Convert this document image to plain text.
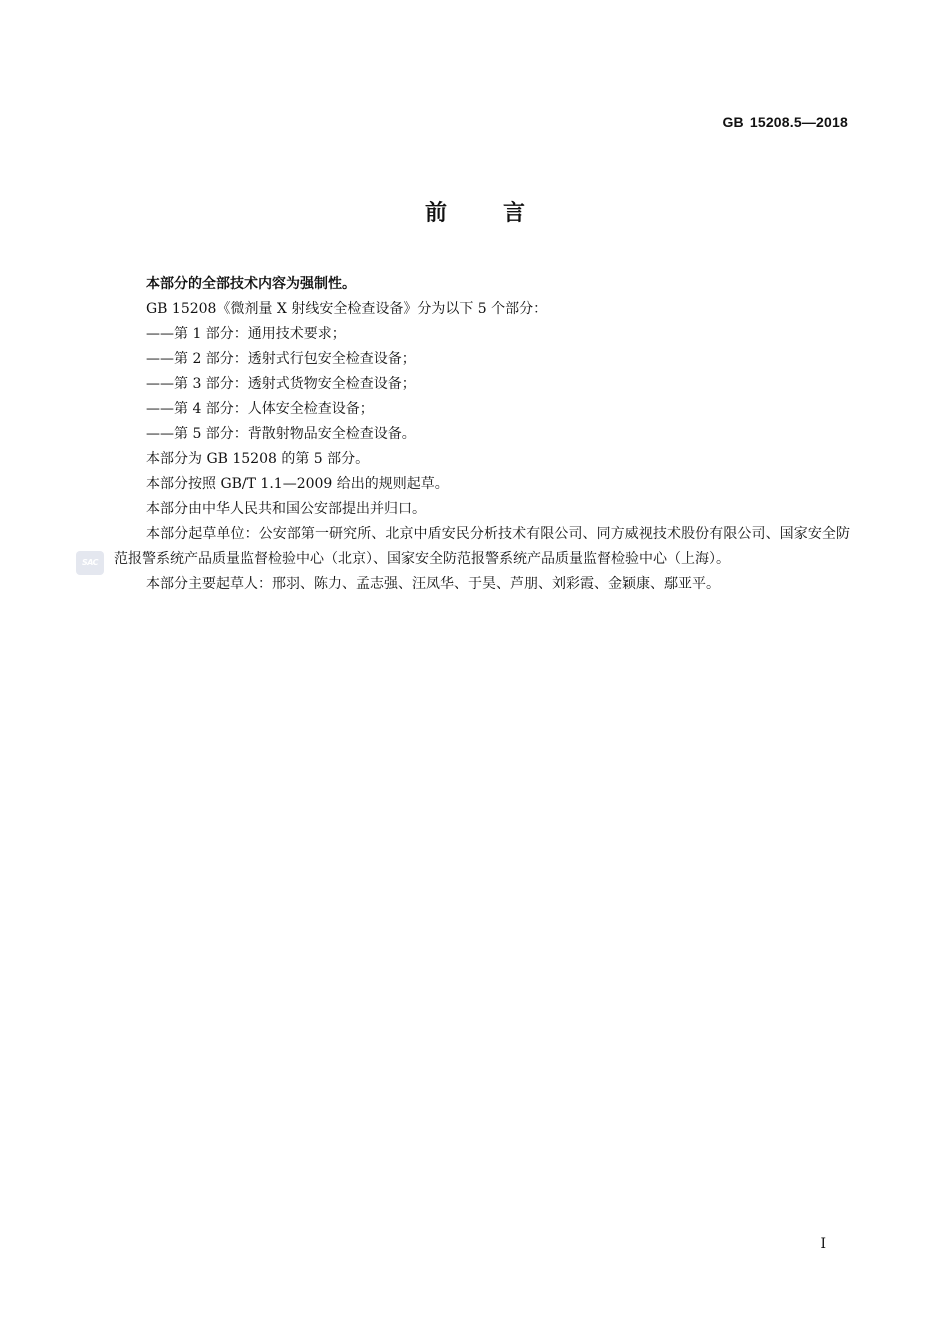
GB 15208.5—2018
前言
SAC

本部分的全部技术内容为强制性。

GB 15208《微剂量 X 射线安全检查设备》分为以下 5 个部分：

——第 1 部分：通用技术要求；

——第 2 部分：透射式行包安全检查设备；

——第 3 部分：透射式货物安全检查设备；

——第 4 部分：人体安全检查设备；

——第 5 部分：背散射物品安全检查设备。

本部分为 GB 15208 的第 5 部分。

本部分按照 GB/T 1.1—2009 给出的规则起草。

本部分由中华人民共和国公安部提出并归口。

本部分起草单位：公安部第一研究所、北京中盾安民分析技术有限公司、同方威视技术股份有限公司、国家安全防范报警系统产品质量监督检验中心（北京）、国家安全防范报警系统产品质量监督检验中心（上海）。

本部分主要起草人：邢羽、陈力、孟志强、汪凤华、于昊、芦朋、刘彩霞、金颖康、鄢亚平。

I
